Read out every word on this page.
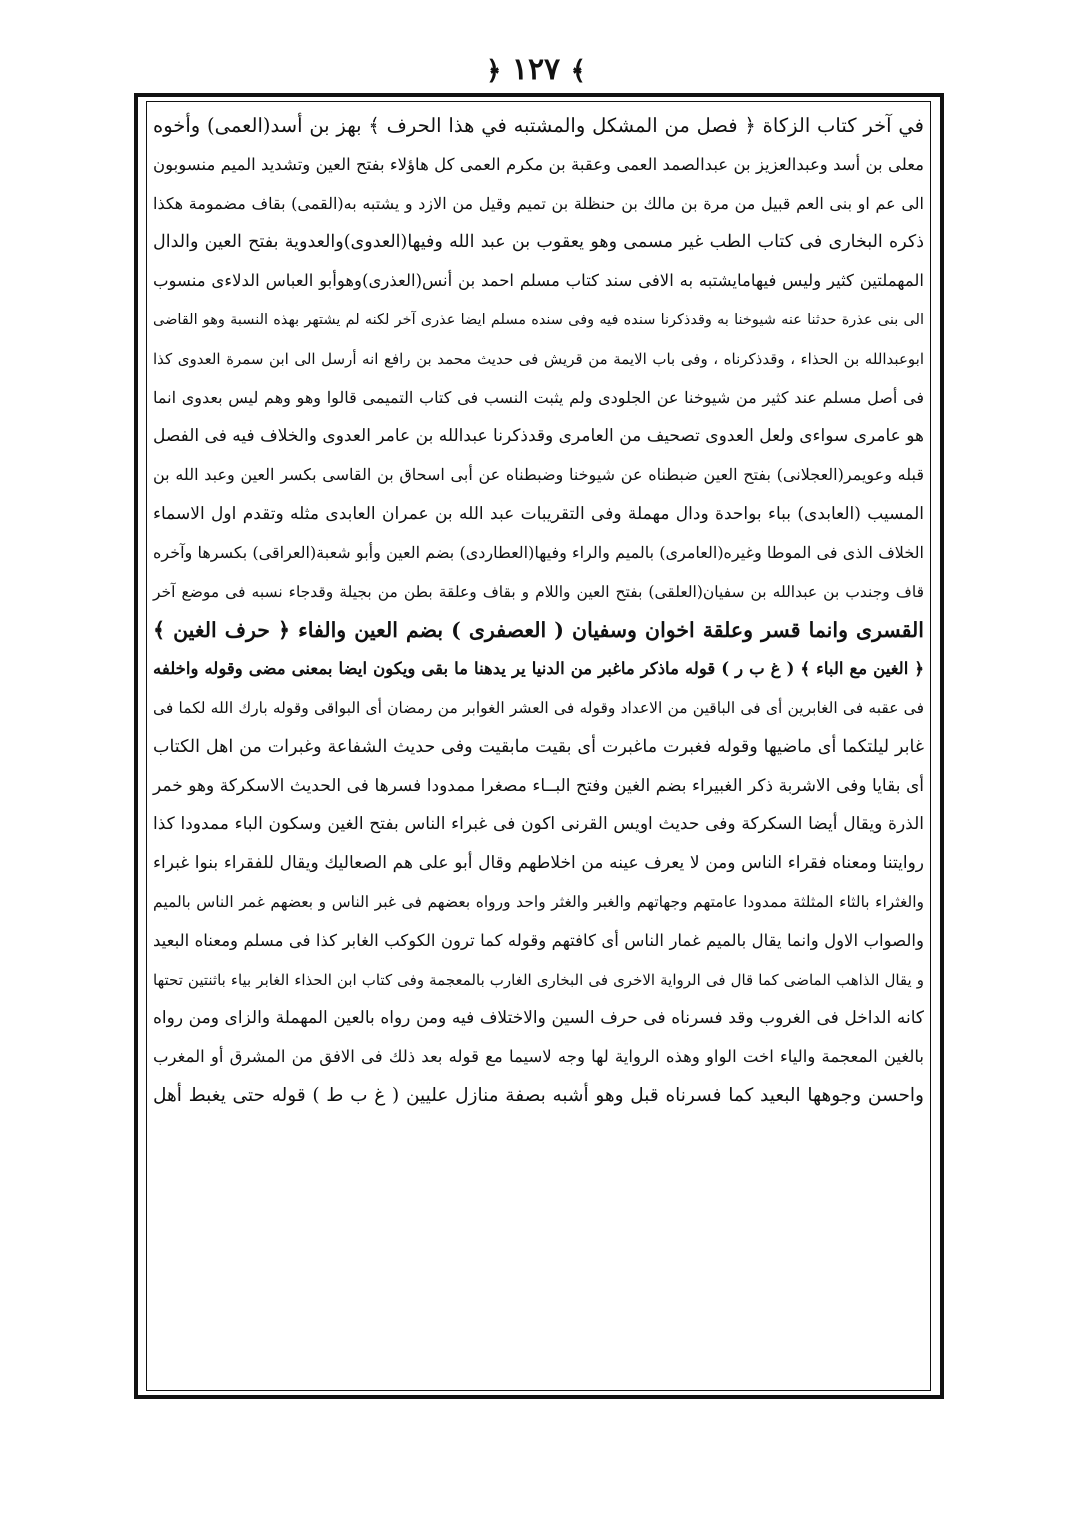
﴿ ١٢٧ ﴾
في آخر كتاب الزكاة ﴿ فصل من المشكل والمشتبه في هذا الحرف ﴾ بهز بن أسد(العمى) وأخوه
معلى بن أسد وعبدالعزيز بن عبدالصمد العمى وعقبة بن مكرم العمى كل هاؤلاء بفتح العين وتشديد الميم منسوبون
الى عم او بنى العم قبيل من مرة بن مالك بن حنظلة بن تميم وقيل من الازد و يشتبه به(القمى) بقاف مضمومة هكذا
ذكره البخارى فى كتاب الطب غير مسمى وهو يعقوب بن عبد الله وفيها(العدوى)والعدوية بفتح العين والدال
المهملتين كثير وليس فيهامايشتبه به الافى سند كتاب مسلم احمد بن أنس(العذرى)وهوأبو العباس الدلاءى منسوب
الى بنى عذرة حدثنا عنه شيوخنا به وقدذكرنا سنده فيه وفى سنده مسلم ايضا عذرى آخر لكنه لم يشتهر بهذه النسبة وهو القاضى
ابوعبدالله بن الحذاء ، وقدذكرناه ، وفى باب الايمة من قريش فى حديث محمد بن رافع انه أرسل الى ابن سمرة العدوى كذا
فى أصل مسلم عند كثير من شيوخنا عن الجلودى ولم يثبت النسب فى كتاب التميمى قالوا وهو وهم ليس بعدوى انما
هو عامرى سواءى ولعل العدوى تصحيف من العامرى وقدذكرنا عبدالله بن عامر العدوى والخلاف فيه فى الفصل
قبله وعويمر(العجلانى) بفتح العين ضبطناه عن شيوخنا وضبطناه عن أبى اسحاق بن القاسى بكسر العين وعبد الله بن
المسيب (العابدى) بباء بواحدة ودال مهملة وفى التقريبات عبد الله بن عمران العابدى مثله وتقدم اول الاسماء
الخلاف الذى فى الموطا وغيره(العامرى) بالميم والراء وفيها(العطاردى) بضم العين وأبو شعبة(العراقى) بكسرها وآخره
قاف وجندب بن عبدالله بن سفيان(العلقى) بفتح العين واللام و بقاف وعلقة بطن من بجيلة وقدجاء نسبه فى موضع آخر
القسرى وانما قسر وعلقة اخوان وسفيان ( العصفرى ) بضم العين والفاء ﴿ حرف الغين ﴾
﴿ الغين مع الباء ﴾ ( غ ب ر ) قوله ماذكر ماغبر من الدنيا ير يدهنا ما بقى ويكون ايضا بمعنى مضى وقوله واخلفه
فى عقبه فى الغابرين أى فى الباقين من الاعداد وقوله فى العشر الغوابر من رمضان أى البواقى وقوله بارك الله لكما فى
غابر ليلتكما أى ماضيها وقوله فغبرت ماغبرت أى بقيت مابقيت وفى حديث الشفاعة وغبرات من اهل الكتاب
أى بقايا وفى الاشربة ذكر الغبيراء بضم الغين وفتح البــاء مصغرا ممدودا فسرها فى الحديث الاسكركة وهو خمر
الذرة ويقال أيضا السكركة وفى حديث اويس القرنى اكون فى غبراء الناس بفتح الغين وسكون الباء ممدودا كذا
روايتنا ومعناه فقراء الناس ومن لا يعرف عينه من اخلاطهم وقال أبو على هم الصعاليك ويقال للفقراء بنوا غبراء
والغثراء بالثاء المثلثة ممدودا عامتهم وجهاتهم والغبر والغثر واحد ورواه بعضهم فى غبر الناس و بعضهم غمر الناس بالميم
والصواب الاول وانما يقال بالميم غمار الناس أى كافتهم وقوله كما ترون الكوكب الغابر كذا فى مسلم ومعناه البعيد
و يقال الذاهب الماضى كما قال فى الرواية الاخرى فى البخارى الغارب بالمعجمة وفى كتاب ابن الحذاء الغابر بياء باثنتين تحتها
كانه الداخل فى الغروب وقد فسرناه فى حرف السين والاختلاف فيه ومن رواه بالعين المهملة والزاى ومن رواه
بالغين المعجمة والياء اخت الواو وهذه الرواية لها وجه لاسيما مع قوله بعد ذلك فى الافق من المشرق أو المغرب
واحسن وجوهها البعيد كما فسرناه قبل وهو أشبه بصفة منازل عليين ( غ ب ط ) قوله حتى يغبط أهل
